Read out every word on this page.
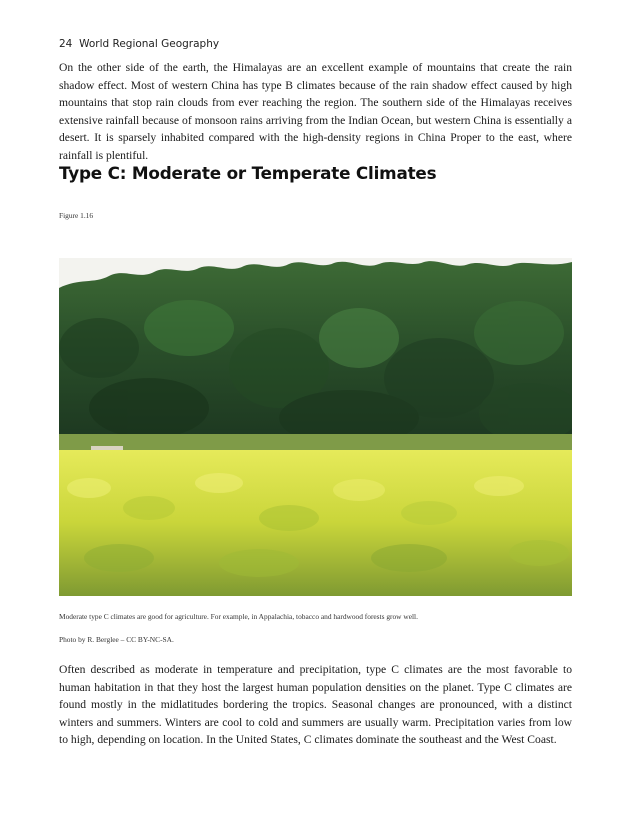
24 World Regional Geography

On the other side of the earth, the Himalayas are an excellent example of mountains that create the rain shadow effect. Most of western China has type B climates because of the rain shadow effect caused by high mountains that stop rain clouds from ever reaching the region. The southern side of the Himalayas receives extensive rainfall because of monsoon rains arriving from the Indian Ocean, but western China is essentially a desert. It is sparsely inhabited compared with the high-density regions in China Proper to the east, where rainfall is plentiful.

Type C: Moderate or Temperate Climates
Figure 1.16
Moderate type C climates are good for agriculture. For example, in Appalachia, tobacco and hardwood forests grow well.
Photo by R. Berglee – CC BY-NC-SA.

Often described as moderate in temperature and precipitation, type C climates are the most favorable to human habitation in that they host the largest human population densities on the planet. Type C climates are found mostly in the midlatitudes bordering the tropics. Seasonal changes are pronounced, with a distinct winters and summers. Winters are cool to cold and summers are usually warm. Precipitation varies from low to high, depending on location. In the United States, C climates dominate the southeast and the West Coast.
